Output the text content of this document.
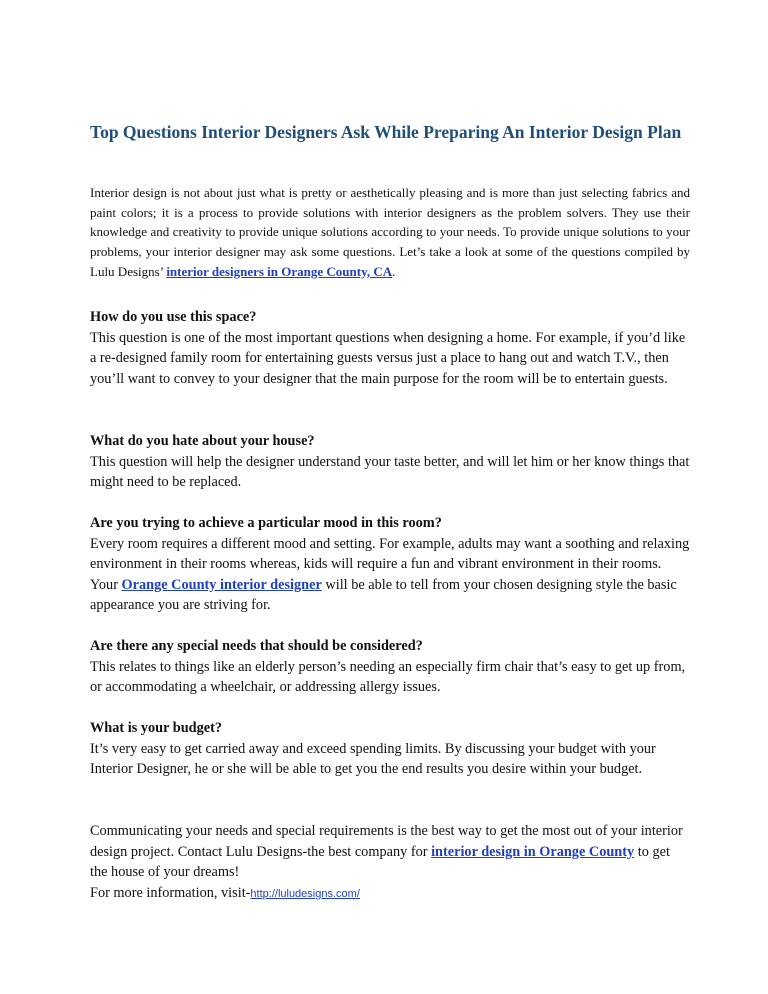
Top Questions Interior Designers Ask While Preparing An Interior Design Plan

Interior design is not about just what is pretty or aesthetically pleasing and is more than just selecting fabrics and paint colors; it is a process to provide solutions with interior designers as the problem solvers. They use their knowledge and creativity to provide unique solutions according to your needs. To provide unique solutions to your problems, your interior designer may ask some questions. Let’s take a look at some of the questions compiled by Lulu Designs’ interior designers in Orange County, CA.

How do you use this space?

This question is one of the most important questions when designing a home. For example, if you’d like a re-designed family room for entertaining guests versus just a place to hang out and watch T.V., then you’ll want to convey to your designer that the main purpose for the room will be to entertain guests.

What do you hate about your house?

This question will help the designer understand your taste better, and will let him or her know things that might need to be replaced.

Are you trying to achieve a particular mood in this room?

Every room requires a different mood and setting. For example, adults may want a soothing and relaxing environment in their rooms whereas, kids will require a fun and vibrant environment in their rooms. Your Orange County interior designer will be able to tell from your chosen designing style the basic appearance you are striving for.

Are there any special needs that should be considered?

This relates to things like an elderly person’s needing an especially firm chair that’s easy to get up from, or accommodating a wheelchair, or addressing allergy issues.

What is your budget?

It’s very easy to get carried away and exceed spending limits. By discussing your budget with your Interior Designer, he or she will be able to get you the end results you desire within your budget.

Communicating your needs and special requirements is the best way to get the most out of your interior design project. Contact Lulu Designs-the best company for interior design in Orange County to get the house of your dreams!

For more information, visit-http://luludesigns.com/
